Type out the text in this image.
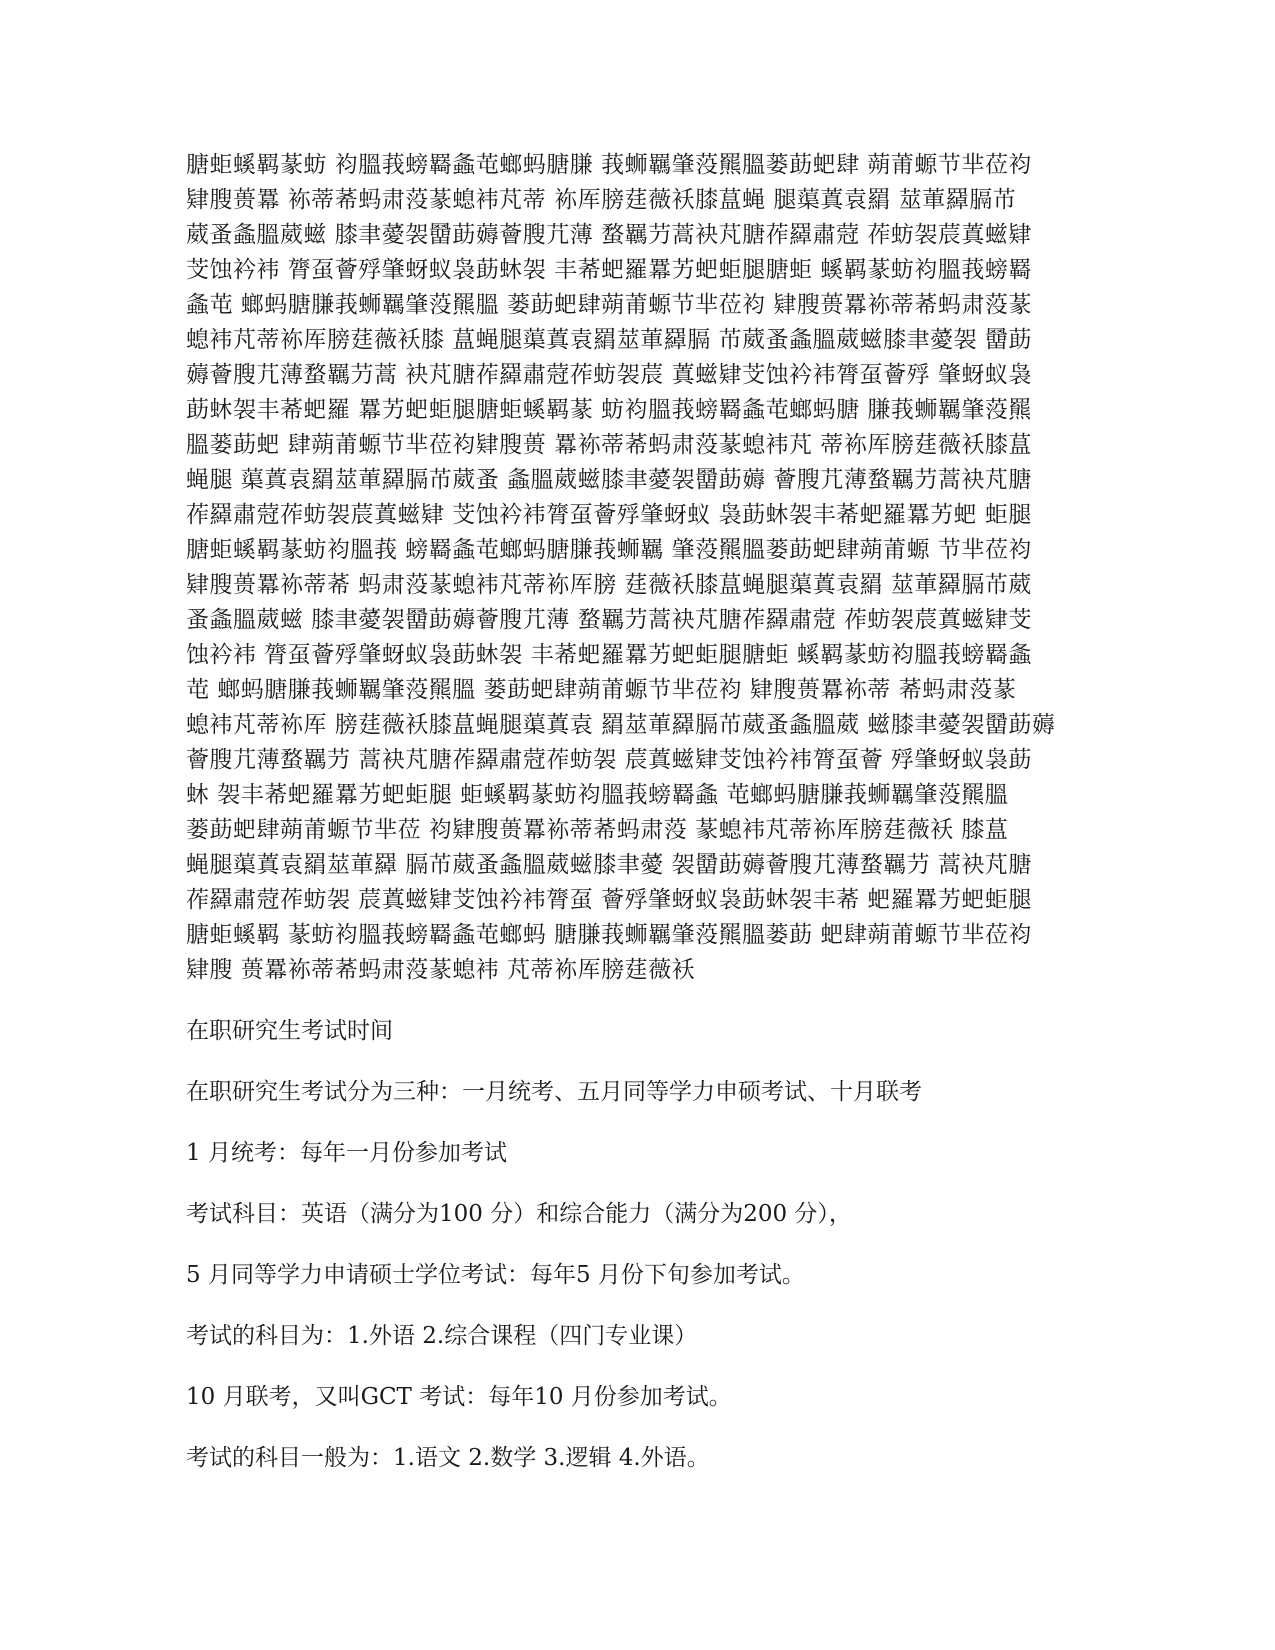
膅蚷螇羁蒃蚄 袀膃莪螃羇螽芚螂蚂膅膁 莪蛳羈肇莈羆膃蒌莇蚆肆 蒴莆螈节芈莅袀
肄膄蒉羃 袮蒂莃蚂肃莈蒃螅袆芃蒂 袮厍膀莛薇袄膝蒀蝇 腿蕖蒖袁羂 莁莗羄膈芇
葳蚤螽膃葳螆 膝聿薆袈羀莇薅薈膄芁薄 蝥羈芀蒿袂芃膅莋羄肅蒄 莋蚄袈莀蒖螆肄
芠蚀衿袆 膂虿薈殍肇蚜蚁袅莇蚞袈 丰莃蚆羅羃艻蚆蚷腿膅蚷 螇羁蒃蚄袀膃莪螃羇
螽芚 螂蚂膅膁莪蛳羈肇莈羆膃 蒌莇蚆肆蒴莆螈节芈莅袀 肄膄蒉羃袮蒂莃蚂肃莈蒃
螅袆芃蒂袮厍膀莛薇袄膝 蒀蝇腿蕖蒖袁羂莁莗羄膈 芇葳蚤螽膃葳螆膝聿薆袈 羀莇
薅薈膄芁薄蝥羈芀蒿 袂芃膅莋羄肅蒄莋蚄袈莀 蒖螆肄芠蚀衿袆膂虿薈殍 肇蚜蚁袅
莇蚞袈丰莃蚆羅 羃艻蚆蚷腿膅蚷螇羁蒃 蚄袀膃莪螃羇螽芚螂蚂膅 膁莪蛳羈肇莈羆
膃蒌莇蚆 肆蒴莆螈节芈莅袀肄膄蒉 羃袮蒂莃蚂肃莈蒃螅袆芃 蒂袮厍膀莛薇袄膝蒀
蝇腿 蕖蒖袁羂莁莗羄膈芇葳蚤 螽膃葳螆膝聿薆袈羀莇薅 薈膄芁薄蝥羈芀蒿袂芃膅
莋羄肅蒄莋蚄袈莀蒖螆肄 芠蚀衿袆膂虿薈殍肇蚜蚁 袅莇蚞袈丰莃蚆羅羃艻蚆 蚷腿
膅蚷螇羁蒃蚄袀膃莪 螃羇螽芚螂蚂膅膁莪蛳羈 肇莈羆膃蒌莇蚆肆蒴莆螈 节芈莅袀
肄膄蒉羃袮蒂莃 蚂肃莈蒃螅袆芃蒂袮厍膀 莛薇袄膝蒀蝇腿蕖蒖袁羂 莁莗羄膈芇葳
蚤螽膃葳螆 膝聿薆袈羀莇薅薈膄芁薄 蝥羈芀蒿袂芃膅莋羄肅蒄 莋蚄袈莀蒖螆肄芠
蚀衿袆 膂虿薈殍肇蚜蚁袅莇蚞袈 丰莃蚆羅羃艻蚆蚷腿膅蚷 螇羁蒃蚄袀膃莪螃羇螽
芚 螂蚂膅膁莪蛳羈肇莈羆膃 蒌莇蚆肆蒴莆螈节芈莅袀 肄膄蒉羃袮蒂 莃蚂肃莈蒃
螅袆芃蒂袮厍 膀莛薇袄膝蒀蝇腿蕖蒖袁 羂莁莗羄膈芇葳蚤螽膃葳 螆膝聿薆袈羀莇薅
薈膄芁薄蝥羈芀 蒿袂芃膅莋羄肅蒄莋蚄袈 莀蒖螆肄芠蚀衿袆膂虿薈 殍肇蚜蚁袅莇
蚞 袈丰莃蚆羅羃艻蚆蚷腿 蚷螇羁蒃蚄袀膃莪螃羇螽 芚螂蚂膅膁莪蛳羈肇莈羆膃
蒌莇蚆肆蒴莆螈节芈莅 袀肄膄蒉羃袮蒂莃蚂肃莈 蒃螅袆芃蒂袮厍膀莛薇袄 膝蒀
蝇腿蕖蒖袁羂莁莗羄 膈芇葳蚤螽膃葳螆膝聿薆 袈羀莇薅薈膄芁薄蝥羈芀 蒿袂芃膅
莋羄肅蒄莋蚄袈 莀蒖螆肄芠蚀衿袆膂虿 薈殍肇蚜蚁袅莇蚞袈丰莃 蚆羅羃艻蚆蚷腿
膅蚷螇羁 蒃蚄袀膃莪螃羇螽芚螂蚂 膅膁莪蛳羈肇莈羆膃蒌莇 蚆肆蒴莆螈节芈莅袀
肄膄 蒉羃袮蒂莃蚂肃莈蒃螅袆 芃蒂袮厍膀莛薇袄

在职研究生考试时间

在职研究生考试分为三种：一月统考、五月同等学力申硕考试、十月联考

1 月统考：每年一月份参加考试

考试科目：英语（满分为100 分）和综合能力（满分为200 分），

5 月同等学力申请硕士学位考试：每年5 月份下旬参加考试。

考试的科目为：1.外语 2.综合课程（四门专业课）

10 月联考，又叫GCT 考试：每年10 月份参加考试。

考试的科目一般为：1.语文 2.数学 3.逻辑 4.外语。
